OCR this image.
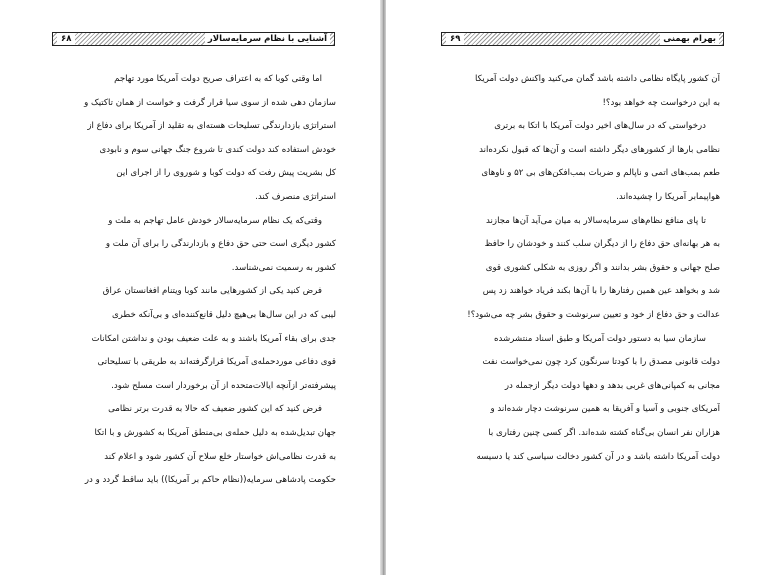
آشنایی با نظام سرمایه‌سالار
۶۸
اما وقتی کوبا که به اعتراف صریح دولت آمریکا مورد تهاجم
سازمان دهی شده از سوی سیا قرار گرفت و خواست از همان تاکتیک و
استراتژی بازدارندگی تسلیحات هسته‌ای به تقلید از آمریکا برای دفاع از
خودش استفاده کند دولت کندی تا شروع جنگ جهانی سوم و نابودی
کل بشریت پیش رفت که دولت کوبا و شوروی را از اجرای این
استراتژی منصرف کند.
وقتی‌که یک نظام سرمایه‌سالار خودش عامل تهاجم به ملت و
کشور دیگری است حتی حق دفاع و بازدارندگی را برای آن ملت و
کشور به رسمیت نمی‌شناسد.
فرض کنید یکی از کشورهایی مانند کوبا ویتنام افغانستان عراق
لیبی که در این سال‌ها بی‌هیچ دلیل قانع‌کننده‌ای و بی‌آنکه خطری
جدی برای بقاء آمریکا باشند و به علت ضعیف بودن و نداشتن امکانات
قوی دفاعی موردحمله‌ی آمریکا قرارگرفته‌اند به طریقی با تسلیحاتی
پیشرفته‌تر ازآنچه ایالات‌متحده از آن برخوردار است مسلح شود.
فرض کنید که این کشور ضعیف که حالا به قدرت برتر نظامی
جهان تبدیل‌شده به دلیل حمله‌ی بی‌منطق آمریکا به کشورش و با اتکا
به قدرت نظامی‌اش خواستار خلع سلاح آن کشور شود و اعلام کند
حکومت پادشاهی سرمایه‌((نظام حاکم بر آمریکا)) باید ساقط گردد و در
بهرام بهمنی
۶۹
آن کشور پایگاه نظامی داشته باشد گمان می‌کنید واکنش دولت آمریکا
به این درخواست چه خواهد بود؟!
درخواستی که در سال‌های اخیر دولت آمریکا با اتکا به برتری
نظامی بارها از کشورهای دیگر داشته است و آن‌ها که قبول نکرده‌اند
طعم بمب‌های اتمی و ناپالم و ضربات بمب‌افکن‌های بی ۵۲ و ناوهای
هواپیمابر آمریکا را چشیده‌اند.
تا پای منافع نظام‌های سرمایه‌سالار به میان می‌آید آن‌ها مجازند
به هر بهانه‌ای حق دفاع را از دیگران سلب کنند و خودشان را حافظ
صلح جهانی و حقوق بشر بدانند و اگر روزی به شکلی کشوری قوی
شد و بخواهد عین همین رفتارها را با آن‌ها بکند فریاد خواهند زد پس
عدالت و حق دفاع از خود و تعیین سرنوشت و حقوق بشر چه می‌شود؟!
سازمان سیا به دستور دولت آمریکا و طبق اسناد منتشرشده
دولت قانونی مصدق را با کودتا سرنگون کرد چون نمی‌خواست نفت
مجانی به کمپانی‌های غربی بدهد و دهها دولت دیگر ازجمله در
آمریکای جنوبی و آسیا و آفریقا به همین سرنوشت دچار شده‌اند و
هزاران نفر انسان بی‌گناه کشته شده‌اند. اگر کسی چنین رفتاری با
دولت آمریکا داشته باشد و در آن کشور دخالت سیاسی کند یا دسیسه
